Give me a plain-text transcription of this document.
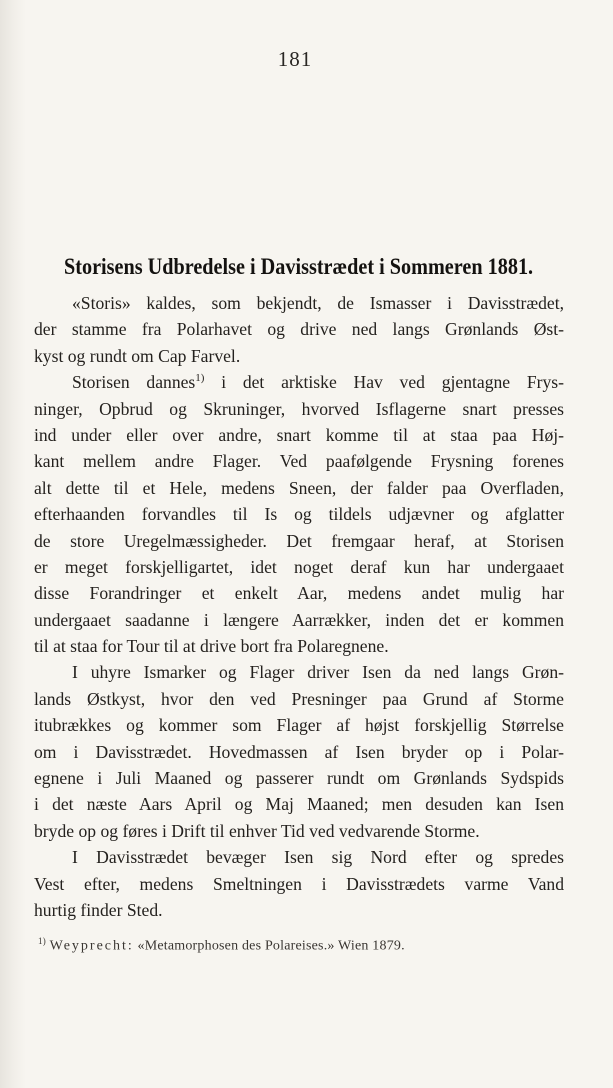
181
Storisens Udbredelse i Davisstrædet i Sommeren 1881.
«Storis» kaldes, som bekjendt, de Ismasser i Davisstrædet,
der stamme fra Polarhavet og drive ned langs Grønlands Øst-
kyst og rundt om Cap Farvel.
Storisen dannes$^{1)}$ i det arktiske Hav ved gjentagne Frys-
ninger, Opbrud og Skruninger, hvorved Isflagerne snart presses
ind under eller over andre, snart komme til at staa paa Høj-
kant mellem andre Flager. Ved paafølgende Frysning forenes
alt dette til et Hele, medens Sneen, der falder paa Overfladen,
efterhaanden forvandles til Is og tildels udjævner og afglatter
de store Uregelmæssigheder. Det fremgaar heraf, at Storisen
er meget forskjelligartet, idet noget deraf kun har undergaaet
disse Forandringer et enkelt Aar, medens andet mulig har
undergaaet saadanne i længere Aarrækker, inden det er kommen
til at staa for Tour til at drive bort fra Polaregnene.
I uhyre Ismarker og Flager driver Isen da ned langs Grøn-
lands Østkyst, hvor den ved Presninger paa Grund af Storme
itubrækkes og kommer som Flager af højst forskjellig Størrelse
om i Davisstrædet. Hovedmassen af Isen bryder op i Polar-
egnene i Juli Maaned og passerer rundt om Grønlands Sydspids
i det næste Aars April og Maj Maaned; men desuden kan Isen
bryde op og føres i Drift til enhver Tid ved vedvarende Storme.
I Davisstrædet bevæger Isen sig Nord efter og spredes
Vest efter, medens Smeltningen i Davisstrædets varme Vand
hurtig finder Sted.
$^{1)}$ Weyprecht: «Metamorphosen des Polareises.» Wien 1879.
